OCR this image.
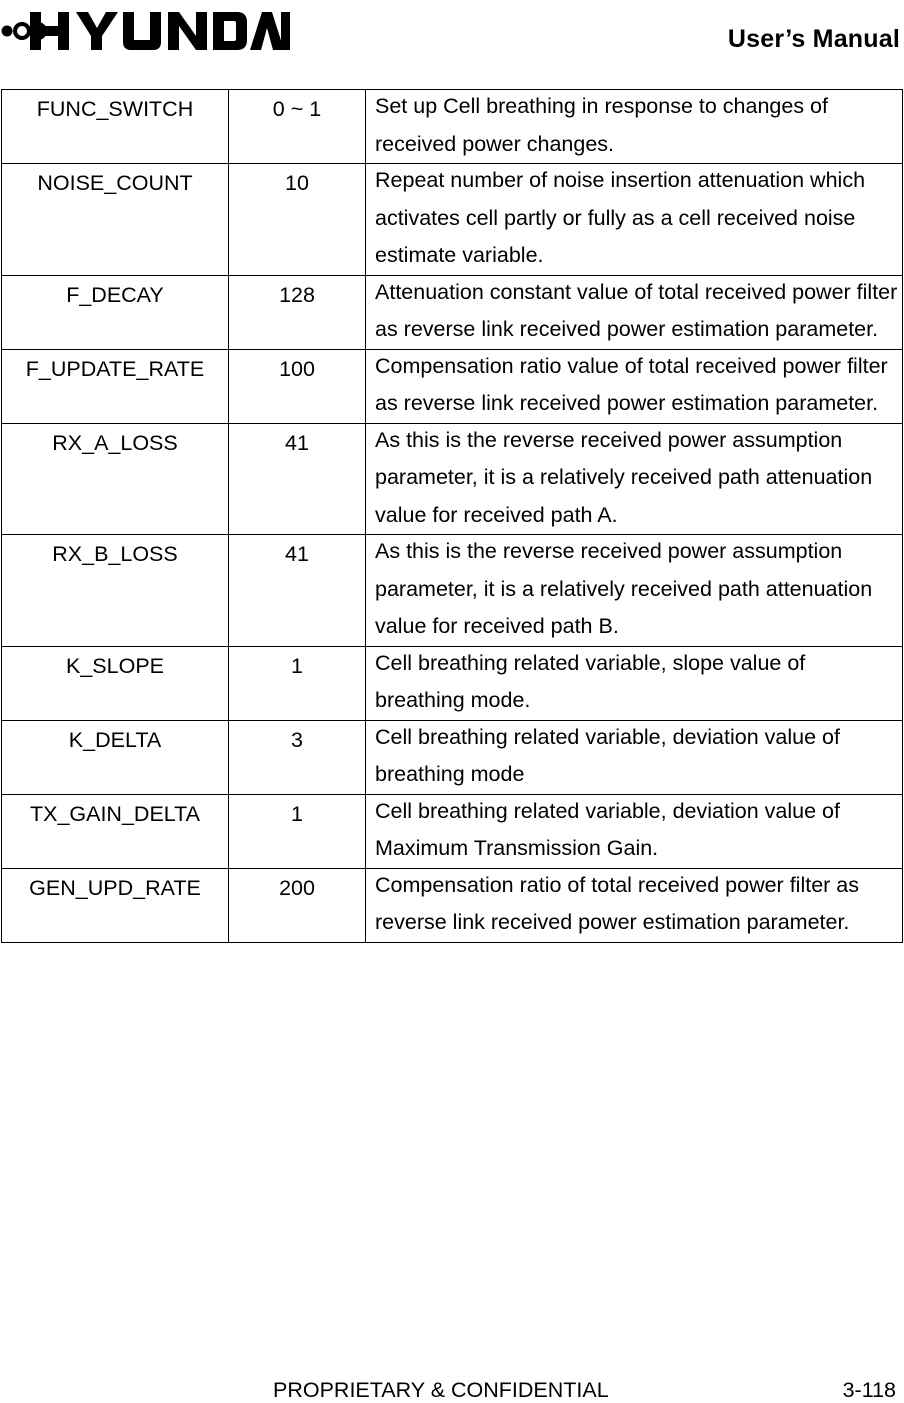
User’s Manual
FUNC_SWITCH	0 ~ 1	Set up Cell breathing in response to changes of received power changes.

NOISE_COUNT	10	Repeat number of noise insertion attenuation which activates cell partly or fully as a cell received noise estimate variable.

F_DECAY	128	Attenuation constant value of total received power filter as reverse link received power estimation parameter.

F_UPDATE_RATE	100	Compensation ratio value of total received power filter as reverse link received power estimation parameter.

RX_A_LOSS	41	As this is the reverse received power assumption parameter, it is a relatively received path attenuation value for received path A.

RX_B_LOSS	41	As this is the reverse received power assumption parameter, it is a relatively received path attenuation value for received path B.

K_SLOPE	1	Cell breathing related variable, slope value of breathing mode.

K_DELTA	3	Cell breathing related variable, deviation value of breathing mode

TX_GAIN_DELTA	1	Cell breathing related variable, deviation value of Maximum Transmission Gain.

GEN_UPD_RATE	200	Compensation ratio of total received power filter as reverse link received power estimation parameter.
PROPRIETARY & CONFIDENTIAL	3-118
